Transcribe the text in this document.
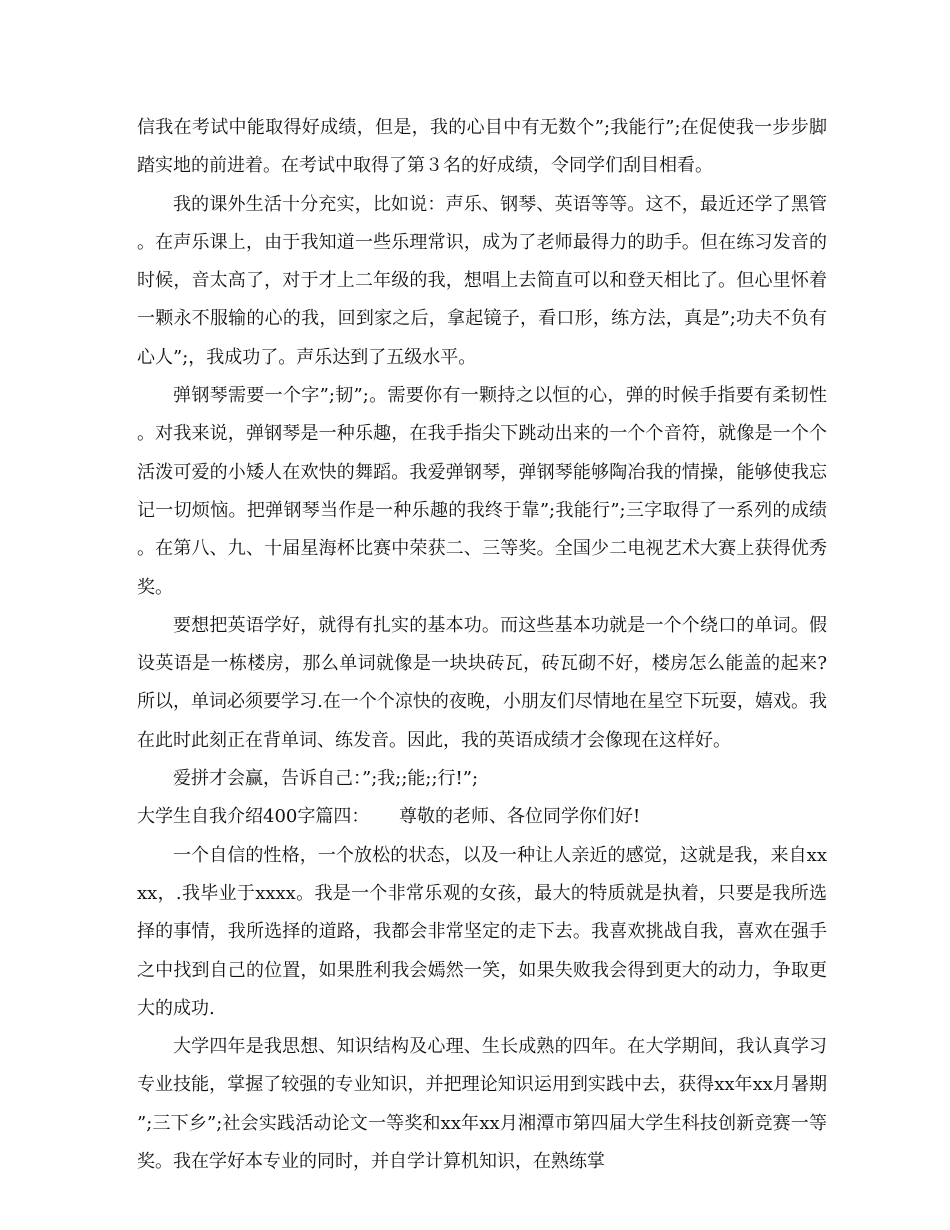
信我在考试中能取得好成绩，但是，我的心目中有无数个”;我能行”;在促使我一步步脚踏实地的前进着。在考试中取得了第３名的好成绩，令同学们刮目相看。

我的课外生活十分充实，比如说：声乐、钢琴、英语等等。这不，最近还学了黑管。在声乐课上，由于我知道一些乐理常识，成为了老师最得力的助手。但在练习发音的时候，音太高了，对于才上二年级的我，想唱上去简直可以和登天相比了。但心里怀着一颗永不服输的心的我，回到家之后，拿起镜子，看口形，练方法，真是”;功夫不负有心人”;，我成功了。声乐达到了五级水平。

弹钢琴需要一个字”;韧”;。需要你有一颗持之以恒的心，弹的时候手指要有柔韧性。对我来说，弹钢琴是一种乐趣，在我手指尖下跳动出来的一个个音符，就像是一个个活泼可爱的小矮人在欢快的舞蹈。我爱弹钢琴，弹钢琴能够陶冶我的情操，能够使我忘记一切烦恼。把弹钢琴当作是一种乐趣的我终于靠”;我能行”;三字取得了一系列的成绩。在第八、九、十届星海杯比赛中荣获二、三等奖。全国少二电视艺术大赛上获得优秀奖。

要想把英语学好，就得有扎实的基本功。而这些基本功就是一个个绕口的单词。假设英语是一栋楼房，那么单词就像是一块块砖瓦，砖瓦砌不好，楼房怎么能盖的起来?所以，单词必须要学习.在一个个凉快的夜晚，小朋友们尽情地在星空下玩耍，嬉戏。我在此时此刻正在背单词、练发音。因此，我的英语成绩才会像现在这样好。

爱拼才会赢，告诉自己：”;我;;能;;行!”;

大学生自我介绍400字篇四： 尊敬的老师、各位同学你们好!

一个自信的性格，一个放松的状态，以及一种让人亲近的感觉，这就是我，来自xxxx，.我毕业于xxxx。我是一个非常乐观的女孩，最大的特质就是执着，只要是我所选择的事情，我所选择的道路，我都会非常坚定的走下去。我喜欢挑战自我，喜欢在强手之中找到自己的位置，如果胜利我会嫣然一笑，如果失败我会得到更大的动力，争取更大的成功.

大学四年是我思想、知识结构及心理、生长成熟的四年。在大学期间，我认真学习专业技能，掌握了较强的专业知识，并把理论知识运用到实践中去，获得xx年xx月暑期”;三下乡”;社会实践活动论文一等奖和xx年xx月湘潭市第四届大学生科技创新竞赛一等奖。我在学好本专业的同时，并自学计算机知识，在熟练掌
